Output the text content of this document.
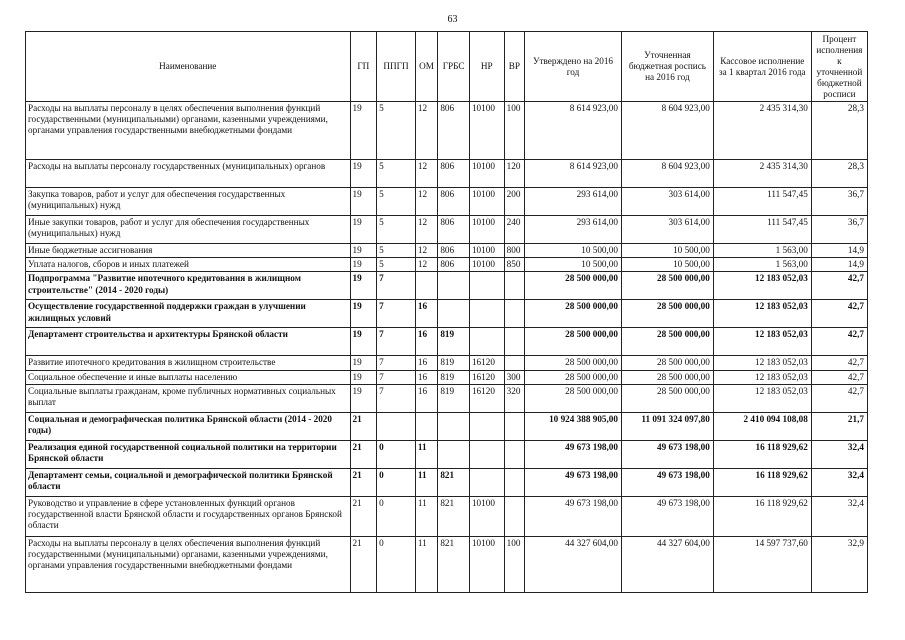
63
Наименование	ГП	ППГП	ОМ	ГРБС	НР	ВР	Утверждено на 2016 год	Уточненная бюджетная роспись на 2016 год	Кассовое исполнение за 1 квартал 2016 года	Процент исполнения к уточненной бюджетной росписи
Расходы на выплаты персоналу в целях обеспечения выполнения функций государственными (муниципальными) органами, казенными учреждениями, органами управления государственными внебюджетными фондами	19	5	12	806	10100	100	8 614 923,00	8 604 923,00	2 435 314,30	28,3
Расходы на выплаты персоналу государственных (муниципальных) органов	19	5	12	806	10100	120	8 614 923,00	8 604 923,00	2 435 314,30	28,3
Закупка товаров, работ и услуг для обеспечения государственных (муниципальных) нужд	19	5	12	806	10100	200	293 614,00	303 614,00	111 547,45	36,7
Иные закупки товаров, работ и услуг для обеспечения государственных (муниципальных) нужд	19	5	12	806	10100	240	293 614,00	303 614,00	111 547,45	36,7
Иные бюджетные ассигнования	19	5	12	806	10100	800	10 500,00	10 500,00	1 563,00	14,9
Уплата налогов, сборов и иных платежей	19	5	12	806	10100	850	10 500,00	10 500,00	1 563,00	14,9
Подпрограмма "Развитие ипотечного кредитования в жилищном строительстве" (2014 - 2020 годы)	19	7					28 500 000,00	28 500 000,00	12 183 052,03	42,7
Осуществление государственной поддержки граждан в улучшении жилищных условий	19	7	16				28 500 000,00	28 500 000,00	12 183 052,03	42,7
Департамент строительства и архитектуры Брянской области	19	7	16	819			28 500 000,00	28 500 000,00	12 183 052,03	42,7
Развитие ипотечного кредитования в жилищном строительстве	19	7	16	819	16120		28 500 000,00	28 500 000,00	12 183 052,03	42,7
Социальное обеспечение и иные выплаты населению	19	7	16	819	16120	300	28 500 000,00	28 500 000,00	12 183 052,03	42,7
Социальные выплаты гражданам, кроме публичных нормативных социальных выплат	19	7	16	819	16120	320	28 500 000,00	28 500 000,00	12 183 052,03	42,7
Социальная и демографическая политика Брянской области (2014 - 2020 годы)	21						10 924 388 905,00	11 091 324 097,80	2 410 094 108,08	21,7
Реализация единой государственной социальной политики на территории Брянской области	21	0	11				49 673 198,00	49 673 198,00	16 118 929,62	32,4
Департамент семьи, социальной и демографической политики Брянской области	21	0	11	821			49 673 198,00	49 673 198,00	16 118 929,62	32,4
Руководство и управление в сфере установленных функций органов государственной власти Брянской области и государственных органов Брянской области	21	0	11	821	10100		49 673 198,00	49 673 198,00	16 118 929,62	32,4
Расходы на выплаты персоналу в целях обеспечения выполнения функций государственными (муниципальными) органами, казенными учреждениями, органами управления государственными внебюджетными фондами	21	0	11	821	10100	100	44 327 604,00	44 327 604,00	14 597 737,60	32,9
